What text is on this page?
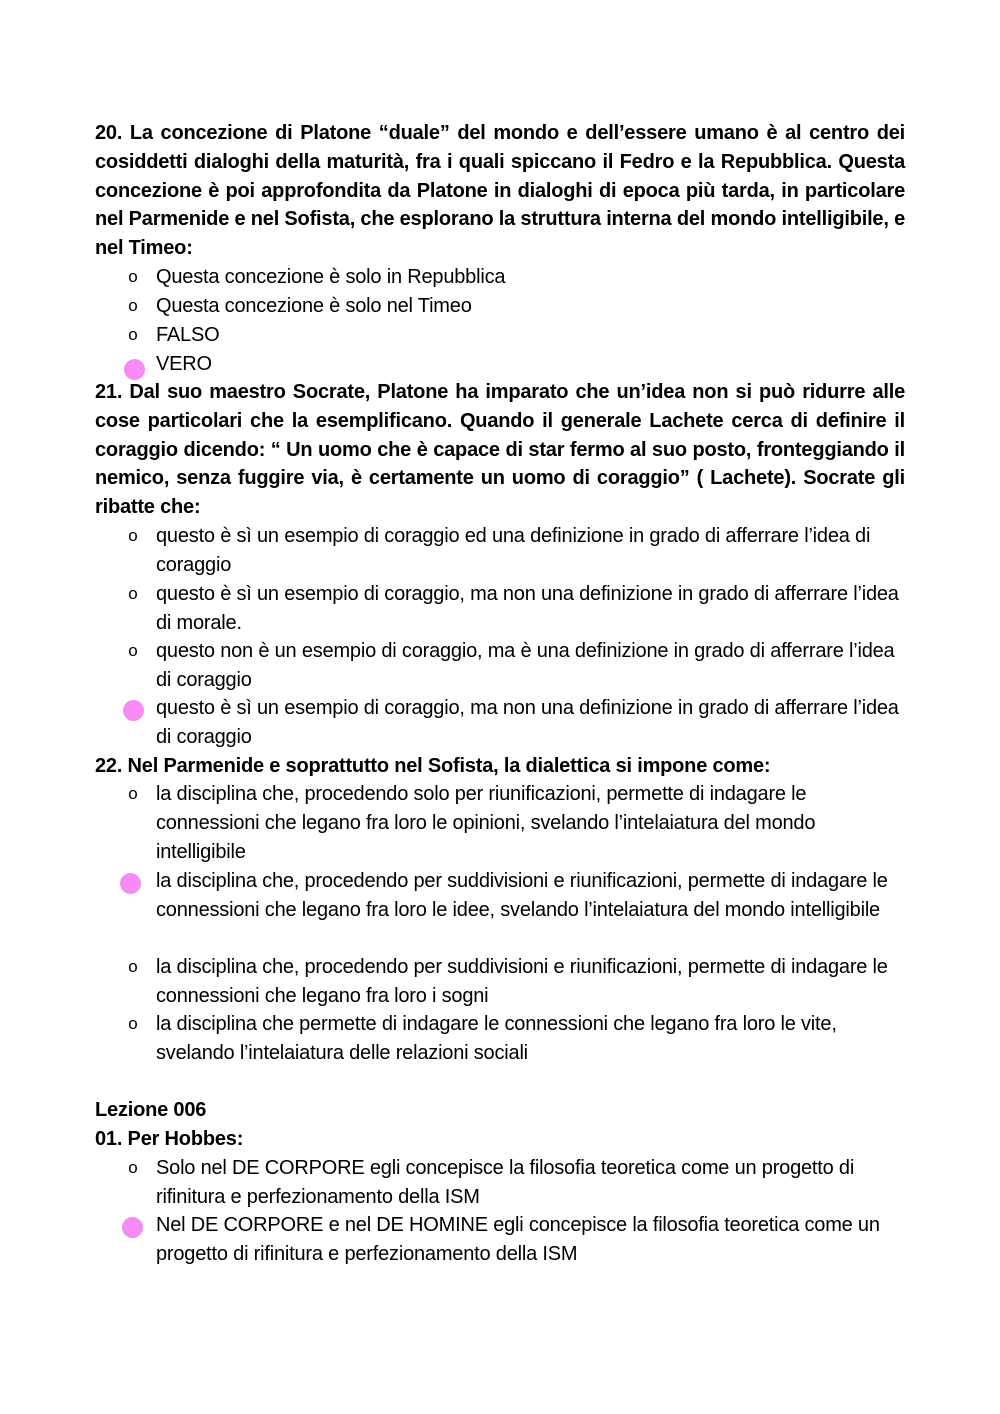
20. La concezione di Platone “duale” del mondo e dell’essere umano è al centro dei cosiddetti dialoghi della maturità, fra i quali spiccano il Fedro e la Repubblica. Questa concezione è poi approfondita da Platone in dialoghi di epoca più tarda, in particolare nel Parmenide e nel Sofista, che esplorano la struttura interna del mondo intelligibile, e nel Timeo:
o Questa concezione è solo in Repubblica
o Questa concezione è solo nel Timeo
o FALSO
VERO
21. Dal suo maestro Socrate, Platone ha imparato che un’idea non si può ridurre alle cose particolari che la esemplificano. Quando il generale Lachete cerca di definire il coraggio dicendo: “ Un uomo che è capace di star fermo al suo posto, fronteggiando il nemico, senza fuggire via, è certamente un uomo di coraggio” ( Lachete). Socrate gli ribatte che:
o questo è sì un esempio di coraggio ed una definizione in grado di afferrare l’idea di coraggio
o questo è sì un esempio di coraggio, ma non una definizione in grado di afferrare l’idea di morale.
o questo non è un esempio di coraggio, ma è una definizione in grado di afferrare l’idea di coraggio
questo è sì un esempio di coraggio, ma non una definizione in grado di afferrare l’idea di coraggio
22. Nel Parmenide e soprattutto nel Sofista, la dialettica si impone come:
o la disciplina che, procedendo solo per riunificazioni, permette di indagare le connessioni che legano fra loro le opinioni, svelando l’intelaiatura del mondo intelligibile
la disciplina che, procedendo per suddivisioni e riunificazioni, permette di indagare le connessioni che legano fra loro le idee, svelando l’intelaiatura del mondo intelligibile
o la disciplina che, procedendo per suddivisioni e riunificazioni, permette di indagare le connessioni che legano fra loro i sogni
o la disciplina che permette di indagare le connessioni che legano fra loro le vite, svelando l’intelaiatura delle relazioni sociali
Lezione 006
01. Per Hobbes:
o Solo nel DE CORPORE egli concepisce la filosofia teoretica come un progetto di rifinitura e perfezionamento della ISM
Nel DE CORPORE e nel DE HOMINE egli concepisce la filosofia teoretica come un progetto di rifinitura e perfezionamento della ISM
